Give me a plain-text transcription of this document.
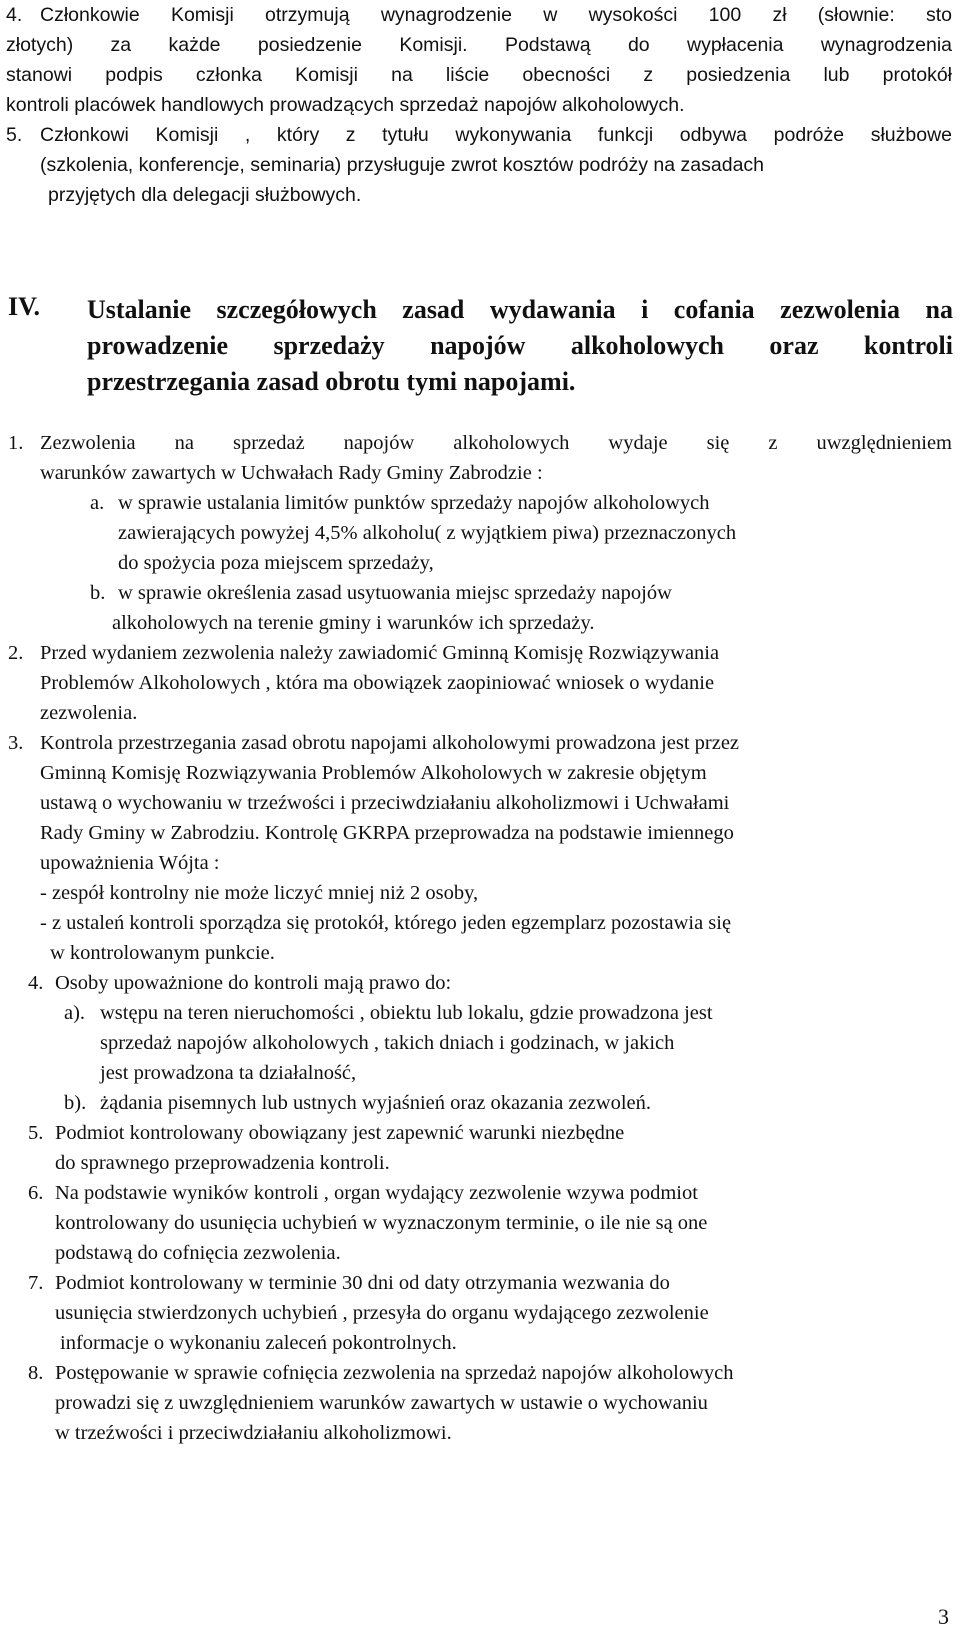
4. Członkowie Komisji otrzymują wynagrodzenie w wysokości 100 zł (słownie: sto
złotych) za każde posiedzenie Komisji. Podstawą do wypłacenia wynagrodzenia
stanowi podpis członka Komisji na liście obecności z posiedzenia lub protokół
kontroli placówek handlowych prowadzących sprzedaż napojów alkoholowych.
5. Członkowi Komisji , który z tytułu wykonywania funkcji odbywa podróże służbowe
(szkolenia, konferencje, seminaria) przysługuje zwrot kosztów podróży na zasadach
przyjętych dla delegacji służbowych.
IV. Ustalanie szczegółowych zasad wydawania i cofania zezwolenia na
prowadzenie sprzedaży napojów alkoholowych oraz kontroli
przestrzegania zasad obrotu tymi napojami.
1. Zezwolenia na sprzedaż napojów alkoholowych wydaje się z uwzględnieniem
warunków zawartych w Uchwałach Rady Gminy Zabrodzie :
a. w sprawie ustalania limitów punktów sprzedaży napojów alkoholowych
zawierających powyżej 4,5% alkoholu( z wyjątkiem piwa) przeznaczonych
do spożycia poza miejscem sprzedaży,
b. w sprawie określenia zasad usytuowania miejsc sprzedaży napojów
alkoholowych na terenie gminy i warunków ich sprzedaży.
2. Przed wydaniem zezwolenia należy zawiadomić Gminną Komisję Rozwiązywania
Problemów Alkoholowych , która ma obowiązek zaopiniować wniosek o wydanie
zezwolenia.
3. Kontrola przestrzegania zasad obrotu napojami alkoholowymi prowadzona jest przez
Gminną Komisję Rozwiązywania Problemów Alkoholowych w zakresie objętym
ustawą o wychowaniu w trzeźwości i przeciwdziałaniu alkoholizmowi i Uchwałami
Rady Gminy w Zabrodziu. Kontrolę GKRPA przeprowadza na podstawie imiennego
upoważnienia Wójta :
- zespół kontrolny nie może liczyć mniej niż 2 osoby,
- z ustaleń kontroli sporządza się protokół, którego jeden egzemplarz pozostawia się
w kontrolowanym punkcie.
4. Osoby upoważnione do kontroli mają prawo do:
a). wstępu na teren nieruchomości , obiektu lub lokalu, gdzie prowadzona jest
sprzedaż napojów alkoholowych , takich dniach i godzinach, w jakich
jest prowadzona ta działalność,
b). żądania pisemnych lub ustnych wyjaśnień oraz okazania zezwoleń.
5. Podmiot kontrolowany obowiązany jest zapewnić warunki niezbędne
do sprawnego przeprowadzenia kontroli.
6. Na podstawie wyników kontroli , organ wydający zezwolenie wzywa podmiot
kontrolowany do usunięcia uchybień w wyznaczonym terminie, o ile nie są one
podstawą do cofnięcia zezwolenia.
7. Podmiot kontrolowany w terminie 30 dni od daty otrzymania wezwania do
usunięcia stwierdzonych uchybień , przesyła do organu wydającego zezwolenie
informacje o wykonaniu zaleceń pokontrolnych.
8. Postępowanie w sprawie cofnięcia zezwolenia na sprzedaż napojów alkoholowych
prowadzi się z uwzględnieniem warunków zawartych w ustawie o wychowaniu
w trzeźwości i przeciwdziałaniu alkoholizmowi.
3
